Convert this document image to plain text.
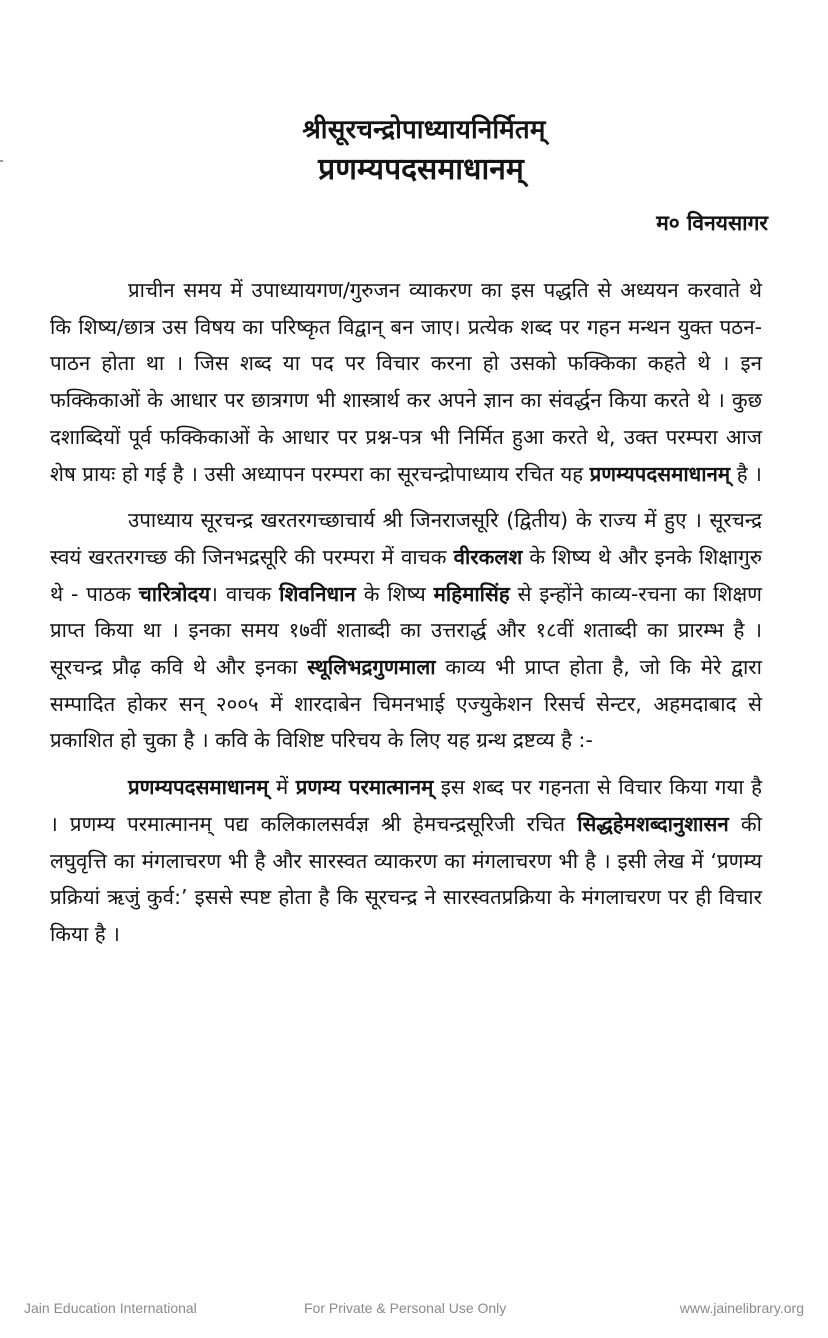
श्रीसूरचन्द्रोपाध्यायनिर्मितम्
प्रणम्यपदसमाधानम्
म० विनयसागर

प्राचीन समय में उपाध्यायगण/गुरुजन व्याकरण का इस पद्धति से अध्ययन करवाते थे कि शिष्य/छात्र उस विषय का परिष्कृत विद्वान् बन जाए। प्रत्येक शब्द पर गहन मन्थन युक्त पठन-पाठन होता था । जिस शब्द या पद पर विचार करना हो उसको फक्किका कहते थे । इन फक्किकाओं के आधार पर छात्रगण भी शास्त्रार्थ कर अपने ज्ञान का संवर्द्धन किया करते थे । कुछ दशाब्दियों पूर्व फक्किकाओं के आधार पर प्रश्न-पत्र भी निर्मित हुआ करते थे, उक्त परम्परा आज शेष प्रायः हो गई है । उसी अध्यापन परम्परा का सूरचन्द्रोपाध्याय रचित यह प्रणम्यपदसमाधानम् है ।

उपाध्याय सूरचन्द्र खरतरगच्छाचार्य श्री जिनराजसूरि (द्वितीय) के राज्य में हुए । सूरचन्द्र स्वयं खरतरगच्छ की जिनभद्रसूरि की परम्परा में वाचक वीरकलश के शिष्य थे और इनके शिक्षागुरु थे - पाठक चारित्रोदय। वाचक शिवनिधान के शिष्य महिमासिंह से इन्होंने काव्य-रचना का शिक्षण प्राप्त किया था । इनका समय १७वीं शताब्दी का उत्तरार्द्ध और १८वीं शताब्दी का प्रारम्भ है । सूरचन्द्र प्रौढ़ कवि थे और इनका स्थूलिभद्रगुणमाला काव्य भी प्राप्त होता है, जो कि मेरे द्वारा सम्पादित होकर सन् २००५ में शारदाबेन चिमनभाई एज्युकेशन रिसर्च सेन्टर, अहमदाबाद से प्रकाशित हो चुका है । कवि के विशिष्ट परिचय के लिए यह ग्रन्थ द्रष्टव्य है :-

प्रणम्यपदसमाधानम् में प्रणम्य परमात्मानम् इस शब्द पर गहनता से विचार किया गया है । प्रणम्य परमात्मानम् पद्य कलिकालसर्वज्ञ श्री हेमचन्द्रसूरिजी रचित सिद्धहेमशब्दानुशासन की लघुवृत्ति का मंगलाचरण भी है और सारस्वत व्याकरण का मंगलाचरण भी है । इसी लेख में ‘प्रणम्य प्रक्रियां ऋजुं कुर्व:’ इससे स्पष्ट होता है कि सूरचन्द्र ने सारस्वतप्रक्रिया के मंगलाचरण पर ही विचार किया है ।

Jain Education International	For Private & Personal Use Only	www.jainelibrary.org
